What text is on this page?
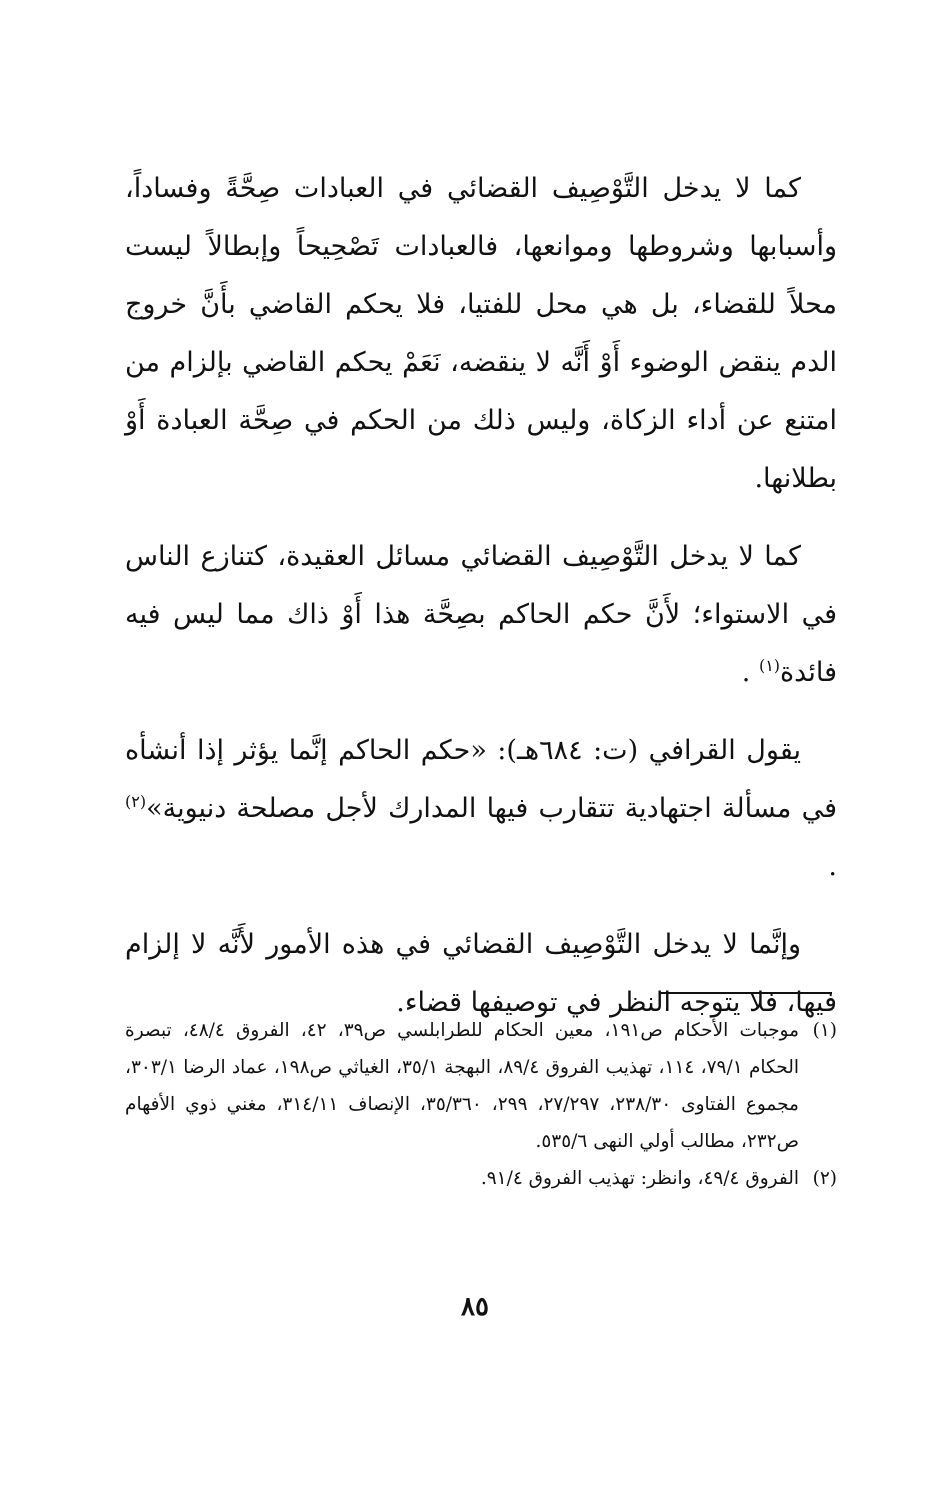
كما لا يدخل التَّوْصِيف القضائي في العبادات صِحَّةً وفساداً، وأسبابها وشروطها وموانعها، فالعبادات تَصْحِيحاً وإبطالاً ليست محلاً للقضاء، بل هي محل للفتيا، فلا يحكم القاضي بأَنَّ خروج الدم ينقض الوضوء أَوْ أَنَّه لا ينقضه، نَعَمْ يحكم القاضي بإلزام من امتنع عن أداء الزكاة، وليس ذلك من الحكم في صِحَّة العبادة أَوْ بطلانها.

كما لا يدخل التَّوْصِيف القضائي مسائل العقيدة، كتنازع الناس في الاستواء؛ لأَنَّ حكم الحاكم بصِحَّة هذا أَوْ ذاك مما ليس فيه فائدة$^{(١)}$ .

يقول القرافي (ت: ٦٨٤هـ): «حكم الحاكم إنَّما يؤثر إذا أنشأه في مسألة اجتهادية تتقارب فيها المدارك لأجل مصلحة دنيوية»$^{(٢)}$ .

وإنَّما لا يدخل التَّوْصِيف القضائي في هذه الأمور لأَنَّه لا إلزام فيها، فلا يتوجه النظر في توصيفها قضاء.

(١)
موجبات الأحكام ص١٩١، معين الحكام للطرابلسي ص٣٩، ٤٢، الفروق ٤٨/٤، تبصرة الحكام ٧٩/١، ١١٤، تهذيب الفروق ٨٩/٤، البهجة ٣٥/١، الغياثي ص١٩٨، عماد الرضا ٣٠٣/١، مجموع الفتاوى ٢٣٨/٣٠، ٢٧/٢٩٧، ٢٩٩، ٣٥/٣٦٠، الإنصاف ٣١٤/١١، مغني ذوي الأفهام ص٢٣٢، مطالب أولي النهى ٥٣٥/٦.

(٢)
الفروق ٤٩/٤، وانظر: تهذيب الفروق ٩١/٤.

٨٥
